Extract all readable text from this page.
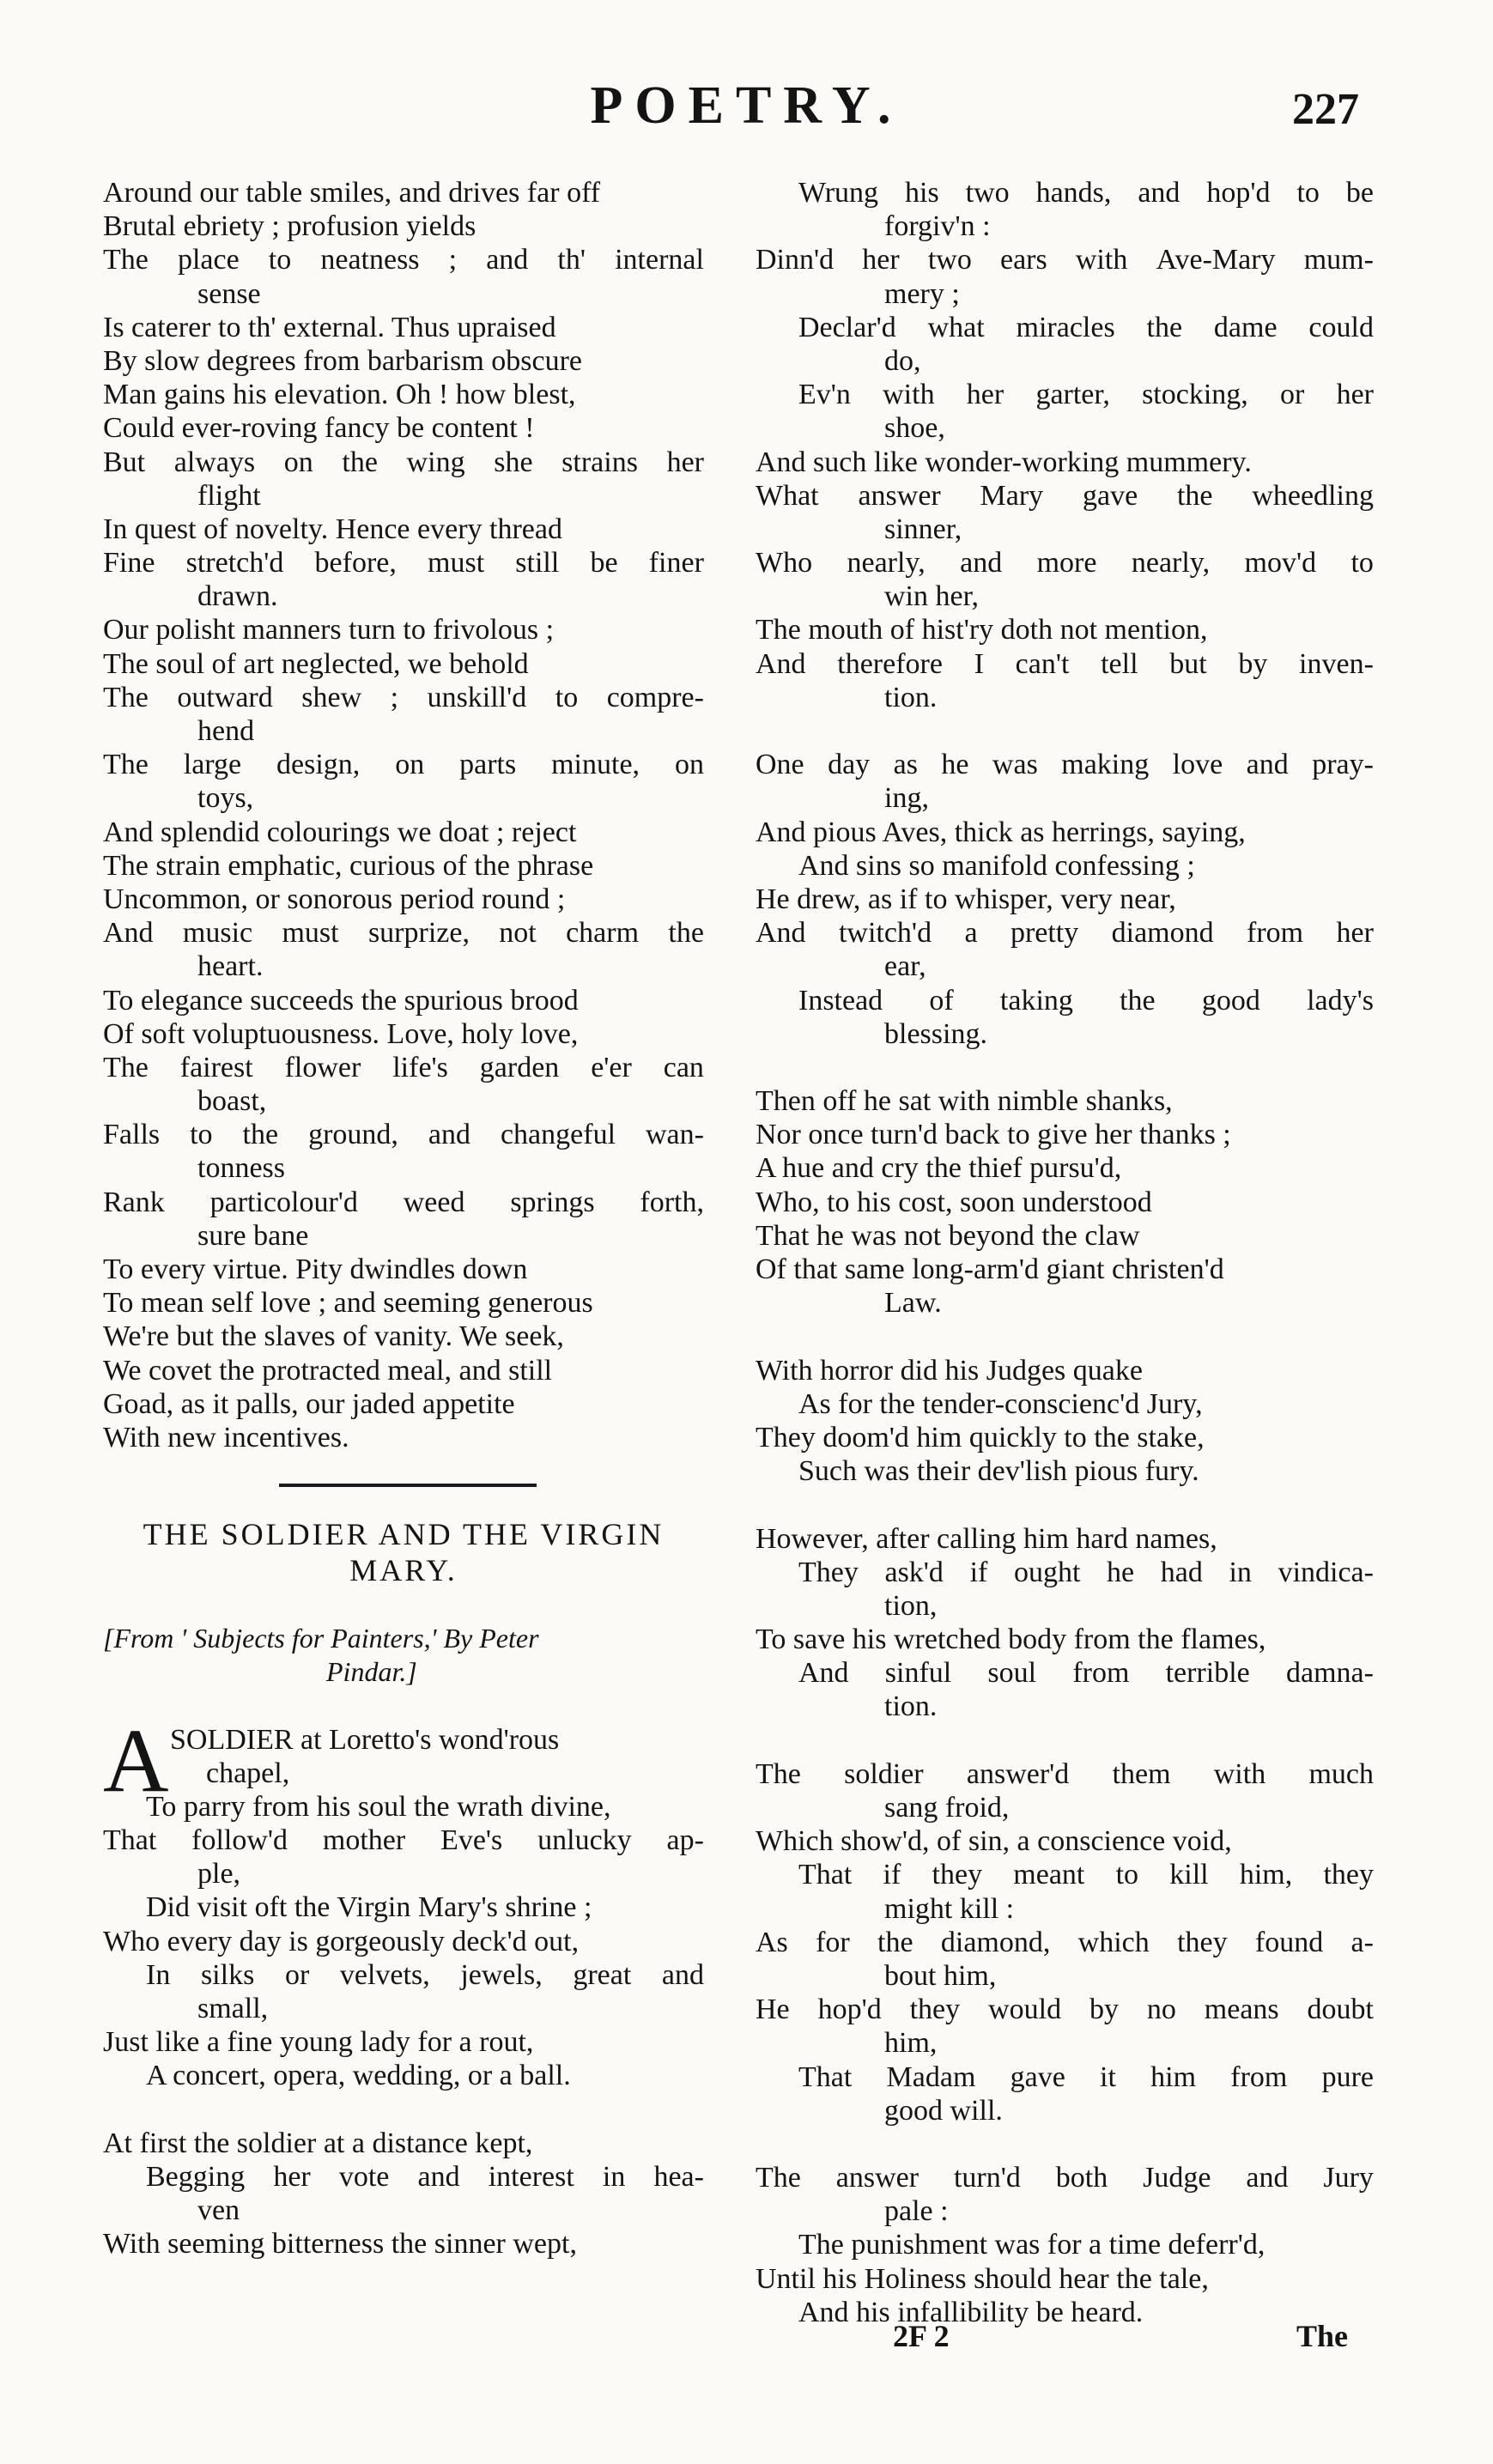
POETRY.	227
Around our table smiles, and drives far off
Brutal ebriety ; profusion yields
The place to neatness ; and th' internal
sense
Is caterer to th' external. Thus upraised
By slow degrees from barbarism obscure
Man gains his elevation. Oh ! how blest,
Could ever-roving fancy be content !
But always on the wing she strains her
flight
In quest of novelty. Hence every thread
Fine stretch'd before, must still be finer
drawn.
Our polisht manners turn to frivolous ;
The soul of art neglected, we behold
The outward shew ; unskill'd to compre-
hend
The large design, on parts minute, on
toys,
And splendid colourings we doat ; reject
The strain emphatic, curious of the phrase
Uncommon, or sonorous period round ;
And music must surprize, not charm the
heart.
To elegance succeeds the spurious brood
Of soft voluptuousness. Love, holy love,
The fairest flower life's garden e'er can
boast,
Falls to the ground, and changeful wan-
tonness
Rank particolour'd weed springs forth,
sure bane
To every virtue. Pity dwindles down
To mean self love ; and seeming generous
We're but the slaves of vanity. We seek,
We covet the protracted meal, and still
Goad, as it palls, our jaded appetite
With new incentives.
THE SOLDIER AND THE VIRGIN
MARY.
[From ' Subjects for Painters,' By Peter
Pindar.]
A SOLDIER at Loretto's wond'rous
chapel,
To parry from his soul the wrath divine,
That follow'd mother Eve's unlucky ap-
ple,
Did visit oft the Virgin Mary's shrine ;
Who every day is gorgeously deck'd out,
In silks or velvets, jewels, great and
small,
Just like a fine young lady for a rout,
A concert, opera, wedding, or a ball.
At first the soldier at a distance kept,
Begging her vote and interest in hea-
ven
With seeming bitterness the sinner wept,
Wrung his two hands, and hop'd to be
forgiv'n :
Dinn'd her two ears with Ave-Mary mum-
mery ;
Declar'd what miracles the dame could
do,
Ev'n with her garter, stocking, or her
shoe,
And such like wonder-working mummery.
What answer Mary gave the wheedling
sinner,
Who nearly, and more nearly, mov'd to
win her,
The mouth of hist'ry doth not mention,
And therefore I can't tell but by inven-
tion.
One day as he was making love and pray-
ing,
And pious Aves, thick as herrings, saying,
And sins so manifold confessing ;
He drew, as if to whisper, very near,
And twitch'd a pretty diamond from her
ear,
Instead of taking the good lady's
blessing.
Then off he sat with nimble shanks,
Nor once turn'd back to give her thanks ;
A hue and cry the thief pursu'd,
Who, to his cost, soon understood
That he was not beyond the claw
Of that same long-arm'd giant christen'd
Law.
With horror did his Judges quake
As for the tender-conscienc'd Jury,
They doom'd him quickly to the stake,
Such was their dev'lish pious fury.
However, after calling him hard names,
They ask'd if ought he had in vindica-
tion,
To save his wretched body from the flames,
And sinful soul from terrible damna-
tion.
The soldier answer'd them with much
sang froid,
Which show'd, of sin, a conscience void,
That if they meant to kill him, they
might kill :
As for the diamond, which they found a-
bout him,
He hop'd they would by no means doubt
him,
That Madam gave it him from pure
good will.
The answer turn'd both Judge and Jury
pale :
The punishment was for a time deferr'd,
Until his Holiness should hear the tale,
And his infallibility be heard.
2F 2	The
